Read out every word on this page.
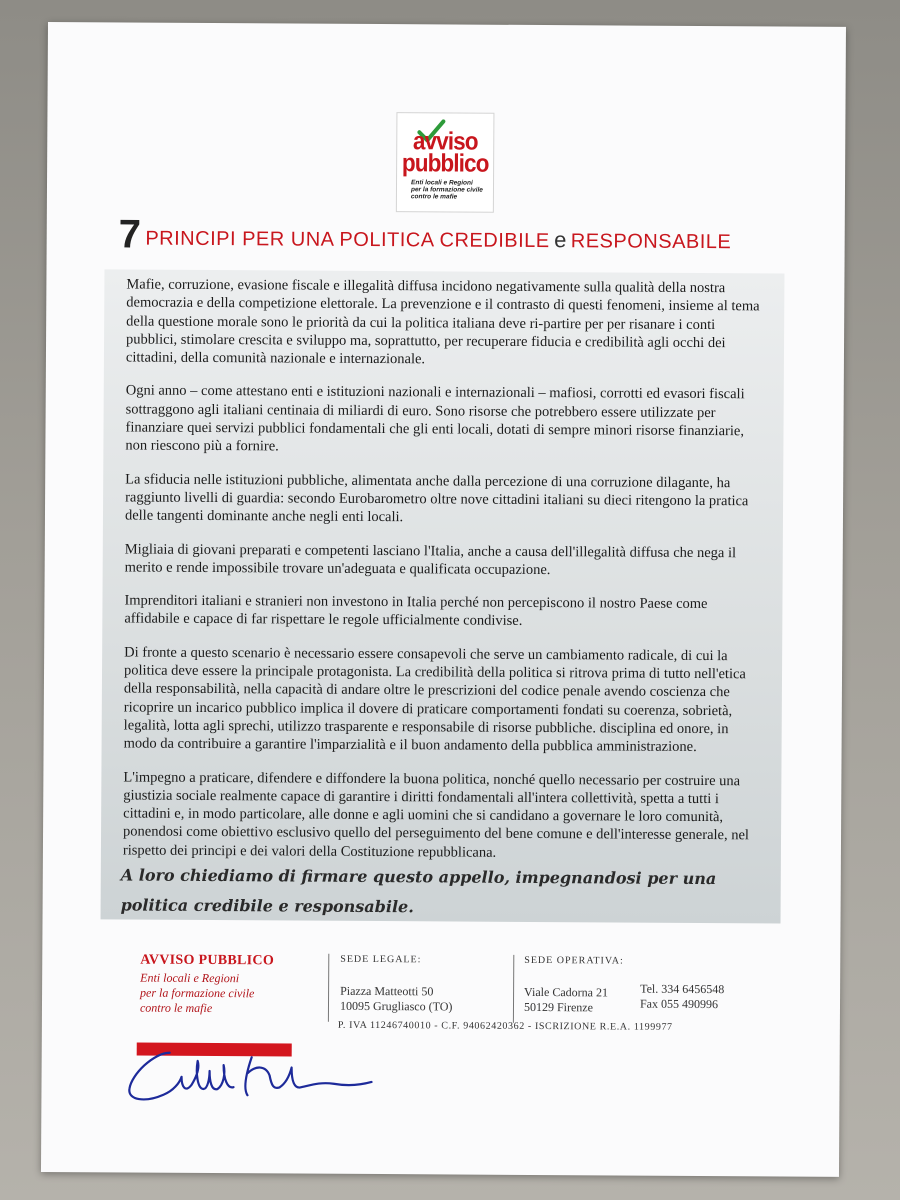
avviso
pubblico
Enti locali e Regioni
per la formazione civile
contro le mafie
7 PRINCIPI PER UNA POLITICA CREDIBILE e RESPONSABILE

Mafie, corruzione, evasione fiscale e illegalità diffusa incidono negativamente sulla qualità della nostra democrazia e della competizione elettorale. La prevenzione e il contrasto di questi fenomeni, insieme al tema della questione morale sono le priorità da cui la politica italiana deve ri-partire per per risanare i conti pubblici, stimolare crescita e sviluppo ma, soprattutto, per recuperare fiducia e credibilità agli occhi dei cittadini, della comunità nazionale e internazionale.

Ogni anno – come attestano enti e istituzioni nazionali e internazionali – mafiosi, corrotti ed evasori fiscali sottraggono agli italiani centinaia di miliardi di euro. Sono risorse che potrebbero essere utilizzate per finanziare quei servizi pubblici fondamentali che gli enti locali, dotati di sempre minori risorse finanziarie, non riescono più a fornire.

La sfiducia nelle istituzioni pubbliche, alimentata anche dalla percezione di una corruzione dilagante, ha raggiunto livelli di guardia: secondo Eurobarometro oltre nove cittadini italiani su dieci ritengono la pratica delle tangenti dominante anche negli enti locali.

Migliaia di giovani preparati e competenti lasciano l'Italia, anche a causa dell'illegalità diffusa che nega il merito e rende impossibile trovare un'adeguata e qualificata occupazione.

Imprenditori italiani e stranieri non investono in Italia perché non percepiscono il nostro Paese come affidabile e capace di far rispettare le regole ufficialmente condivise.

Di fronte a questo scenario è necessario essere consapevoli che serve un cambiamento radicale, di cui la politica deve essere la principale protagonista. La credibilità della politica si ritrova prima di tutto nell'etica della responsabilità, nella capacità di andare oltre le prescrizioni del codice penale avendo coscienza che ricoprire un incarico pubblico implica il dovere di praticare comportamenti fondati su coerenza, sobrietà, legalità, lotta agli sprechi, utilizzo trasparente e responsabile di risorse pubbliche. disciplina ed onore, in modo da contribuire a garantire l'imparzialità e il buon andamento della pubblica amministrazione.

L'impegno a praticare, difendere e diffondere la buona politica, nonché quello necessario per costruire una giustizia sociale realmente capace di garantire i diritti fondamentali all'intera collettività, spetta a tutti i cittadini e, in modo particolare, alle donne e agli uomini che si candidano a governare le loro comunità, ponendosi come obiettivo esclusivo quello del perseguimento del bene comune e dell'interesse generale, nel rispetto dei principi e dei valori della Costituzione repubblicana.

A loro chiediamo di firmare questo appello, impegnandosi per una politica credibile e responsabile.
AVVISO PUBBLICO
Enti locali e Regioni
per la formazione civile
contro le mafie
SEDE LEGALE:
Piazza Matteotti 50
10095 Grugliasco (TO)
SEDE OPERATIVA:
Viale Cadorna 21
50129 Firenze
Tel. 334 6456548
Fax 055 490996
P. IVA 11246740010 - C.F. 94062420362 - ISCRIZIONE R.E.A. 1199977
